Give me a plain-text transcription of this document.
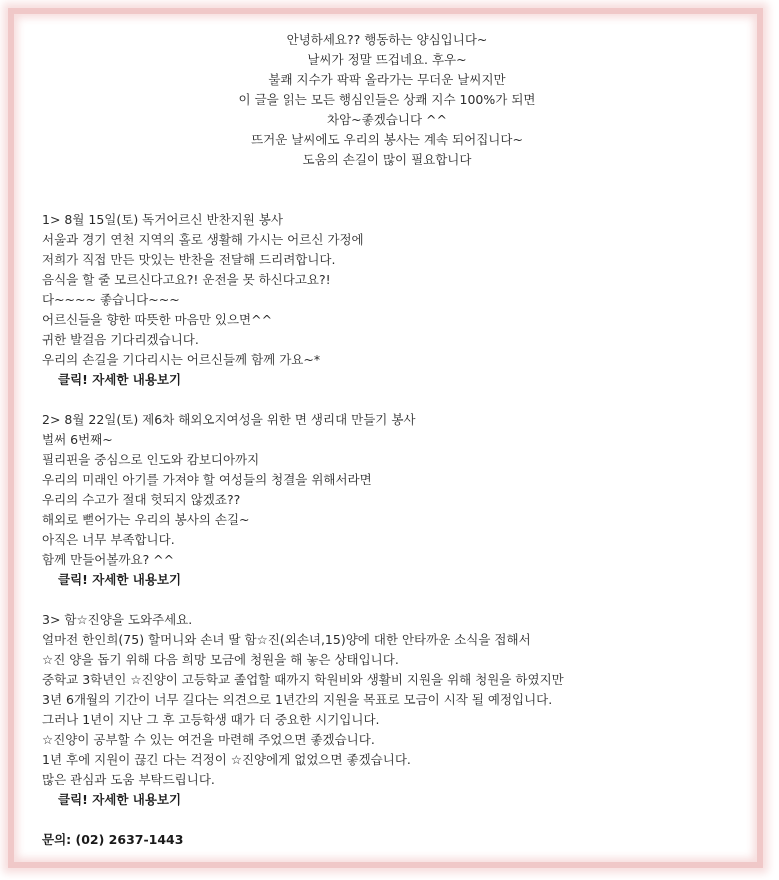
안녕하세요?? 행동하는 양심입니다~
날씨가 정말 뜨겁네요. 후우~
불쾌 지수가 팍팍 올라가는 무더운 날씨지만
이 글을 읽는 모든 행심인들은 상쾌 지수 100%가 되면
차암~좋겠습니다 ^^
뜨거운 날씨에도 우리의 봉사는 계속 되어집니다~
도움의 손길이 많이 필요합니다
1> 8월 15일(토) 독거어르신 반찬지원 봉사
서울과 경기 연천 지역의 홀로 생활해 가시는 어르신 가정에
저희가 직접 만든 맛있는 반찬을 전달해 드리려합니다.
음식을 할 줄 모르신다고요?! 운전을 못 하신다고요?!
다~~~~ 좋습니다~~~
어르신들을 향한 따뜻한 마음만 있으면^^
귀한 발걸음 기다리겠습니다.
우리의 손길을 기다리시는 어르신들께 함께 가요~*
클릭! 자세한 내용보기
2> 8월 22일(토) 제6차 해외오지여성을 위한 면 생리대 만들기 봉사
벌써 6번째~
필리핀을 중심으로 인도와 캄보디아까지
우리의 미래인 아기를 가져야 할 여성들의 청결을 위해서라면
우리의 수고가 절대 헛되지 않겠죠??
해외로 뻗어가는 우리의 봉사의 손길~
아직은 너무 부족합니다.
함께 만들어볼까요? ^^
클릭! 자세한 내용보기
3> 함☆진양을 도와주세요.
얼마전 한인희(75) 할머니와 손녀 딸 함☆진(외손녀,15)양에 대한 안타까운 소식을 접해서
☆진 양을 돕기 위해 다음 희망 모금에 청원을 해 놓은 상태입니다.
중학교 3학년인 ☆진양이 고등학교 졸업할 때까지 학원비와 생활비 지원을 위해 청원을 하였지만
3년 6개월의 기간이 너무 길다는 의견으로 1년간의 지원을 목표로 모금이 시작 될 예정입니다.
그러나 1년이 지난 그 후 고등학생 때가 더 중요한 시기입니다.
☆진양이 공부할 수 있는 여건을 마련해 주었으면 좋겠습니다.
1년 후에 지원이 끊긴 다는 걱정이 ☆진양에게 없었으면 좋겠습니다.
많은 관심과 도움 부탁드립니다.
클릭! 자세한 내용보기
문의: (02) 2637-1443
